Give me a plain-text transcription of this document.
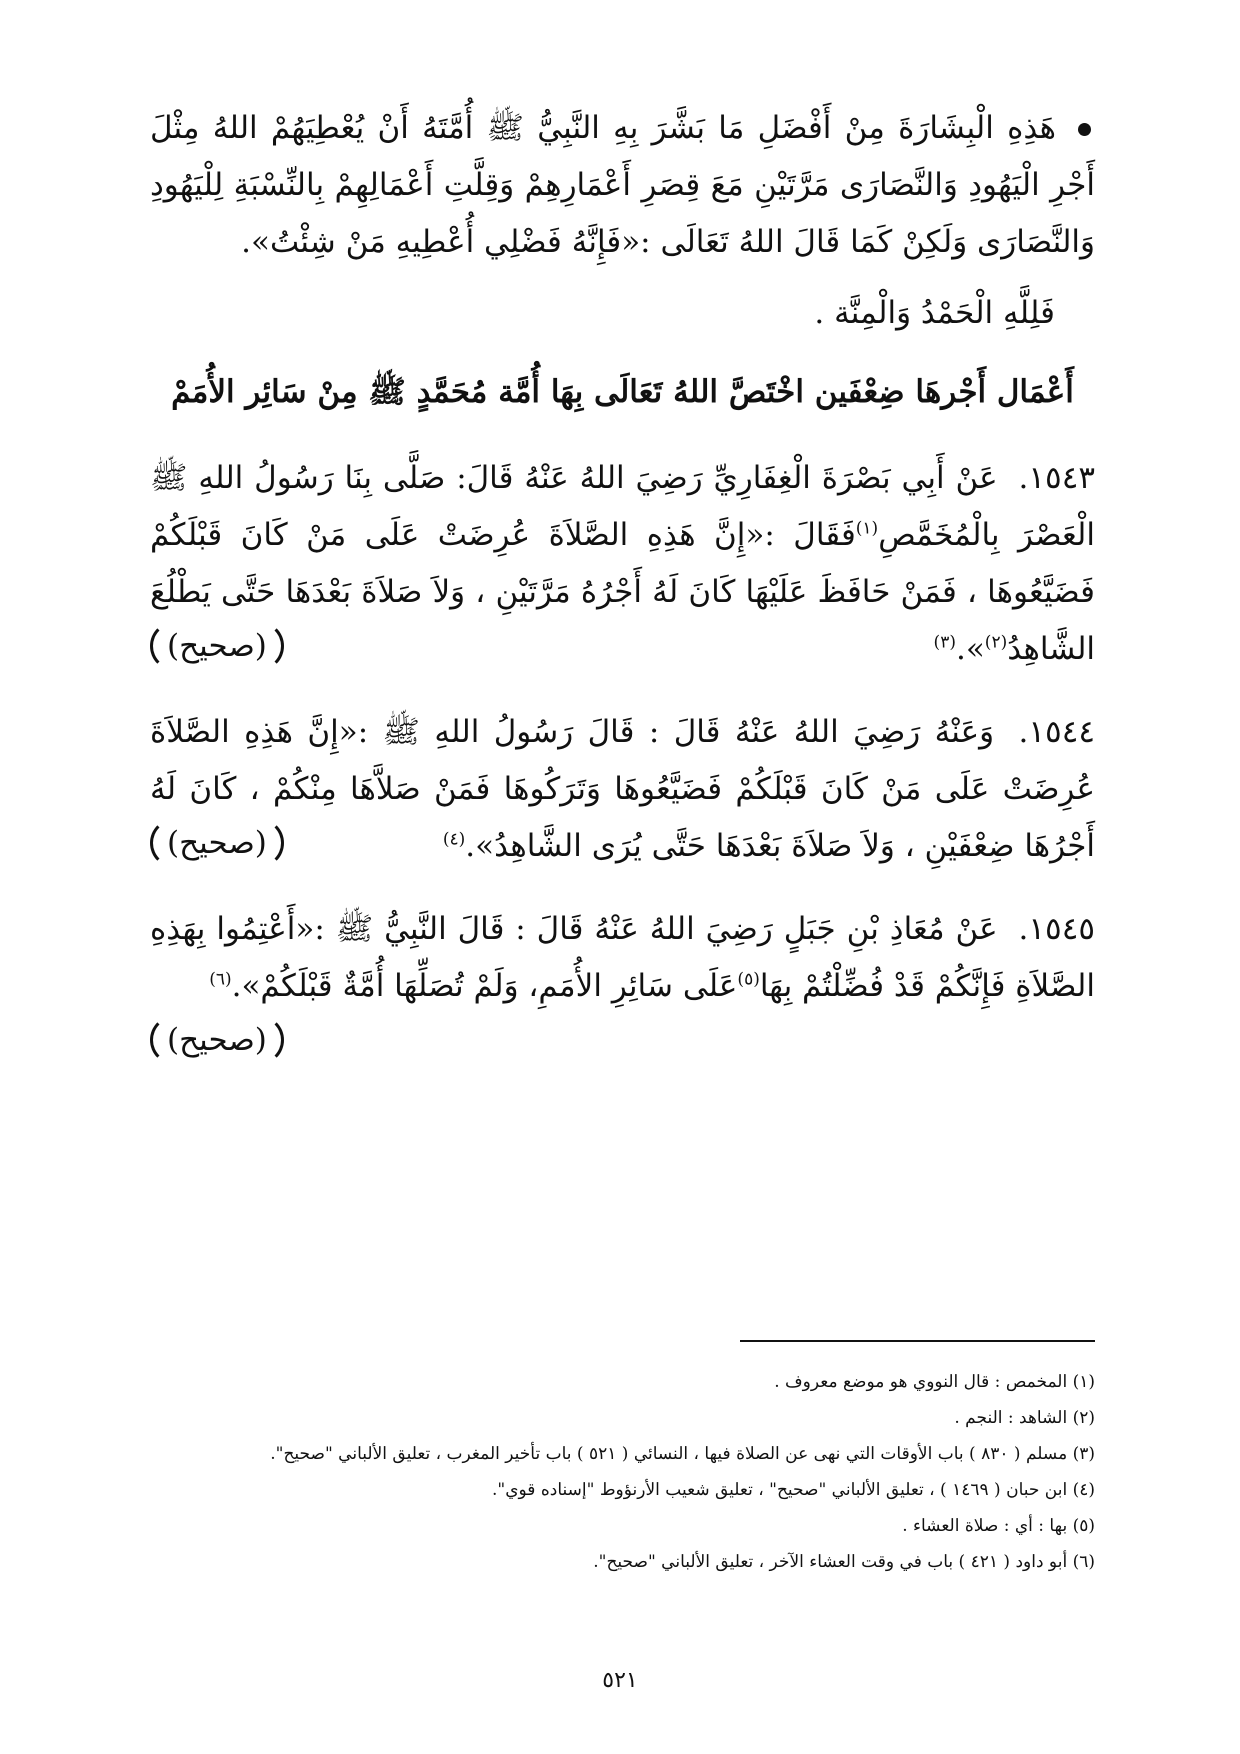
هَذِهِ الْبِشَارَةَ مِنْ أَفْضَلِ مَا بَشَّرَ بِهِ النَّبِيُّ ﷺ أُمَّتَهُ أَنْ يُعْطِيَهُمْ اللهُ مِثْلَ أَجْرِ الْيَهُودِ وَالنَّصَارَى مَرَّتَيْنِ مَعَ قِصَرِ أَعْمَارِهِمْ وَقِلَّتِ أَعْمَالِهِمْ بِالنِّسْبَةِ لِلْيَهُودِ وَالنَّصَارَى وَلَكِنْ كَمَا قَالَ اللهُ تَعَالَى :«فَإِنَّهُ فَضْلِي أُعْطِيهِ مَنْ شِئْتُ».

فَلِلَّهِ الْحَمْدُ وَالْمِنَّة .

أَعْمَال أَجْرهَا ضِعْفَين اخْتَصَّ اللهُ تَعَالَى بِهَا أُمَّة مُحَمَّدٍ ﷺ مِنْ سَائِر الأُمَمْ

١٥٤٣. عَنْ أَبِي بَصْرَةَ الْغِفَارِيِّ رَضِيَ اللهُ عَنْهُ قَالَ: صَلَّى بِنَا رَسُولُ اللهِ ﷺ الْعَصْرَ بِالْمُخَمَّصِ$^{(١)}$فَقَالَ :«إِنَّ هَذِهِ الصَّلاَةَ عُرِضَتْ عَلَى مَنْ كَانَ قَبْلَكُمْ فَضَيَّعُوهَا ، فَمَنْ حَافَظَ عَلَيْهَا كَانَ لَهُ أَجْرُهُ مَرَّتَيْنِ ، وَلاَ صَلاَةَ بَعْدَهَا حَتَّى يَطْلُعَ الشَّاهِدُ$^{(٢)}$».$^{(٣)}$
(صحيح)

١٥٤٤. وَعَنْهُ رَضِيَ اللهُ عَنْهُ قَالَ : قَالَ رَسُولُ اللهِ ﷺ :«إِنَّ هَذِهِ الصَّلاَةَ عُرِضَتْ عَلَى مَنْ كَانَ قَبْلَكُمْ فَضَيَّعُوهَا وَتَرَكُوهَا فَمَنْ صَلاَّهَا مِنْكُمْ ، كَانَ لَهُ أَجْرُهَا ضِعْفَيْنِ ، وَلاَ صَلاَةَ بَعْدَهَا حَتَّى يُرَى الشَّاهِدُ».$^{(٤)}$
(صحيح)

١٥٤٥. عَنْ مُعَاذِ بْنِ جَبَلٍ رَضِيَ اللهُ عَنْهُ قَالَ : قَالَ النَّبِيُّ ﷺ :«أَعْتِمُوا بِهَذِهِ الصَّلاَةِ فَإِنَّكُمْ قَدْ فُضِّلْتُمْ بِهَا$^{(٥)}$عَلَى سَائِرِ الأُمَمِ، وَلَمْ تُصَلِّهَا أُمَّةٌ قَبْلَكُمْ».$^{(٦)}$
(صحيح)

(١) المخمص : قال النووي هو موضع معروف .

(٢) الشاهد : النجم .

(٣) مسلم ( ٨٣٠ ) باب الأوقات التي نهى عن الصلاة فيها ، النسائي ( ٥٢١ ) باب تأخير المغرب ، تعليق الألباني "صحيح".

(٤) ابن حبان ( ١٤٦٩ ) ، تعليق الألباني "صحيح" ، تعليق شعيب الأرنؤوط "إسناده قوي".

(٥) بها : أي : صلاة العشاء .

(٦) أبو داود ( ٤٢١ ) باب في وقت العشاء الآخر ، تعليق الألباني "صحيح".

٥٢١
